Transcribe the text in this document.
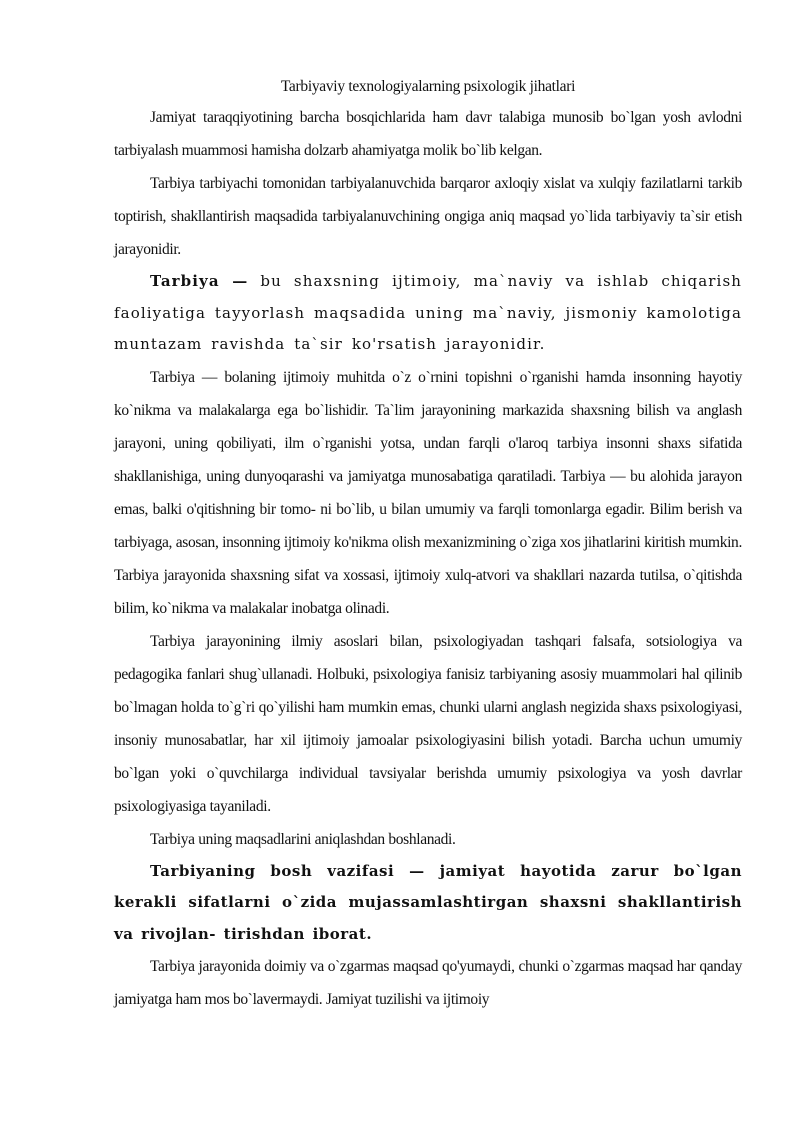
Tarbiyaviy texnologiyalarning psixologik jihatlari

Jamiyat taraqqiyotining barcha bosqichlarida ham davr talabiga munosib bo`lgan yosh avlodni tarbiyalash muammosi hamisha dolzarb ahamiyatga molik bo`lib kelgan.

Tarbiya tarbiyachi tomonidan tarbiyalanuvchida barqaror axloqiy xislat va xulqiy fazilatlarni tarkib toptirish, shakllantirish maqsadida tarbiyalanuvchining ongiga aniq maqsad yo`lida tarbiyaviy ta`sir etish jarayonidir.

Tarbiya — bu shaxsning ijtimoiy, ma`naviy va ishlab chiqarish faoliyatiga tayyorlash maqsadida uning ma`naviy, jismoniy kamolotiga muntazam ravishda ta`sir ko'rsatish jarayonidir.

Tarbiya — bolaning ijtimoiy muhitda o`z o`rnini topishni o`rganishi hamda insonning hayotiy ko`nikma va malakalarga ega bo`lishidir. Ta`lim jarayonining markazida shaxsning bilish va anglash jarayoni, uning qobiliyati, ilm o`rganishi yotsa, undan farqli o'laroq tarbiya insonni shaxs sifatida shakllanishiga, uning dunyoqarashi va jamiyatga munosabatiga qaratiladi. Tarbiya — bu alohida jarayon emas, balki o'qitishning bir tomo- ni bo`lib, u bilan umumiy va farqli tomonlarga egadir. Bilim berish va tarbiyaga, asosan, insonning ijtimoiy ko'nikma olish mexanizmining o`ziga xos jihatlarini kiritish mumkin. Tarbiya jarayonida shaxsning sifat va xossasi, ijtimoiy xulq-atvori va shakllari nazarda tutilsa, o`qitishda bilim, ko`nikma va malakalar inobatga olinadi.

Tarbiya jarayonining ilmiy asoslari bilan, psixologiyadan tashqari falsafa, sotsiologiya va pedagogika fanlari shug`ullanadi. Holbuki, psixologiya fanisiz tarbiyaning asosiy muammolari hal qilinib bo`lmagan holda to`g`ri qo`yilishi ham mumkin emas, chunki ularni anglash negizida shaxs psixologiyasi, insoniy munosabatlar, har xil ijtimoiy jamoalar psixologiyasini bilish yotadi. Barcha uchun umumiy bo`lgan yoki o`quvchilarga individual tavsiyalar berishda umumiy psixologiya va yosh davrlar psixologiyasiga tayaniladi.

Tarbiya uning maqsadlarini aniqlashdan boshlanadi.

Tarbiyaning bosh vazifasi — jamiyat hayotida zarur bo`lgan kerakli sifatlarni o`zida mujassamlashtirgan shaxsni shakllantirish va rivojlan- tirishdan iborat.

Tarbiya jarayonida doimiy va o`zgarmas maqsad qo'yumaydi, chunki o`zgarmas maqsad har qanday jamiyatga ham mos bo`lavermaydi. Jamiyat tuzilishi va ijtimoiy
